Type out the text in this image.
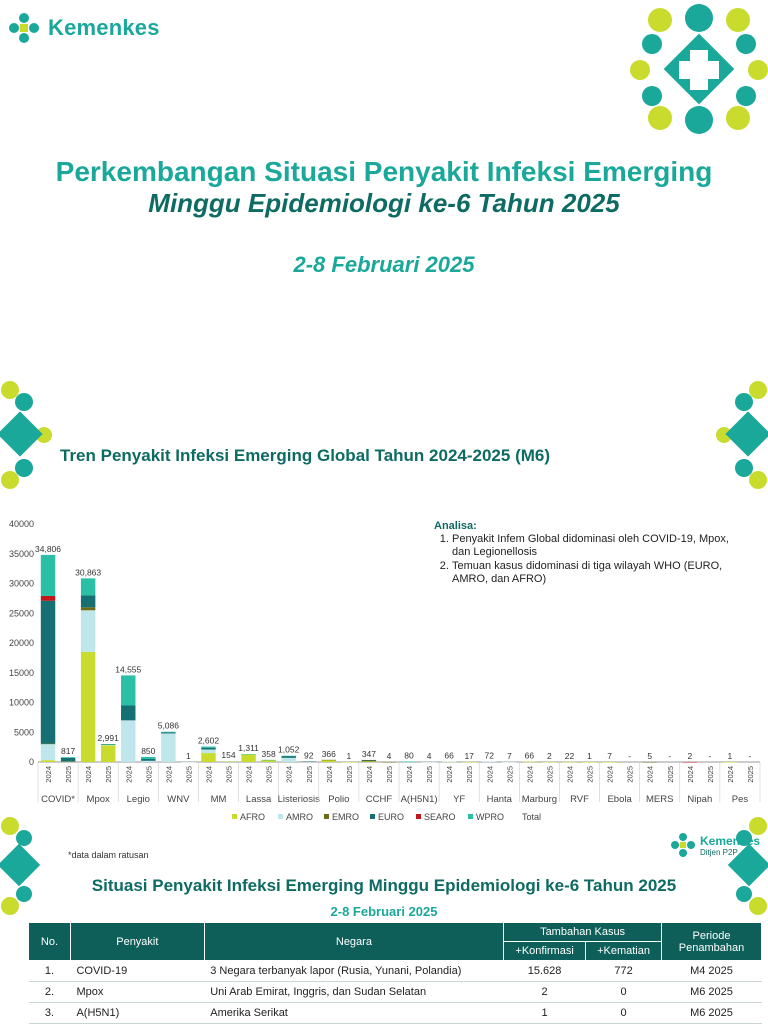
Kemenkes
Perkembangan Situasi Penyakit Infeksi Emerging
Minggu Epidemiologi ke-6 Tahun 2025
2-8 Februari 2025
Tren Penyakit Infeksi Emerging Global Tahun 2024-2025 (M6)
0
5000
10000
15000
20000
25000
30000
35000
40000
34,806
2024
817
2025
COVID*
30,863
2024
2,991
2025
Mpox
14,555
2024
850
2025
Legio
5,086
2024
1
2025
WNV
2,602
2024
154
2025
MM
1,311
2024
358
2025
Lassa
1,052
2024
92
2025
Listeriosis
366
2024
1
2025
Polio
347
2024
4
2025
CCHF
80
2024
4
2025
A(H5N1)
66
2024
17
2025
YF
72
2024
7
2025
Hanta
66
2024
2
2025
Marburg
22
2024
1
2025
RVF
7
2024
-
2025
Ebola
5
2024
-
2025
MERS
2
2024
-
2025
Nipah
1
2024
-
2025
Pes
AFRO AMRO EMRO EURO SEARO WPRO Total
Analisa:
1. Penyakit Infem Global didominasi oleh COVID-19, Mpox, dan Legionellosis
2. Temuan kasus didominasi di tiga wilayah WHO (EURO, AMRO, dan AFRO)
*data dalam ratusan
Kemenkes
Ditjen P2P
Situasi Penyakit Infeksi Emerging Minggu Epidemiologi ke-6 Tahun 2025
2-8 Februari 2025
No.	Penyakit	Negara	Tambahan Kasus		Periode Penambahan
			+Konfirmasi	+Kematian	
1.	COVID-19	3 Negara terbanyak lapor (Rusia, Yunani, Polandia)	15.628	772	M4 2025
2.	Mpox	Uni Arab Emirat, Inggris, dan Sudan Selatan	2	0	M6 2025
3.	A(H5N1)	Amerika Serikat	1	0	M6 2025
